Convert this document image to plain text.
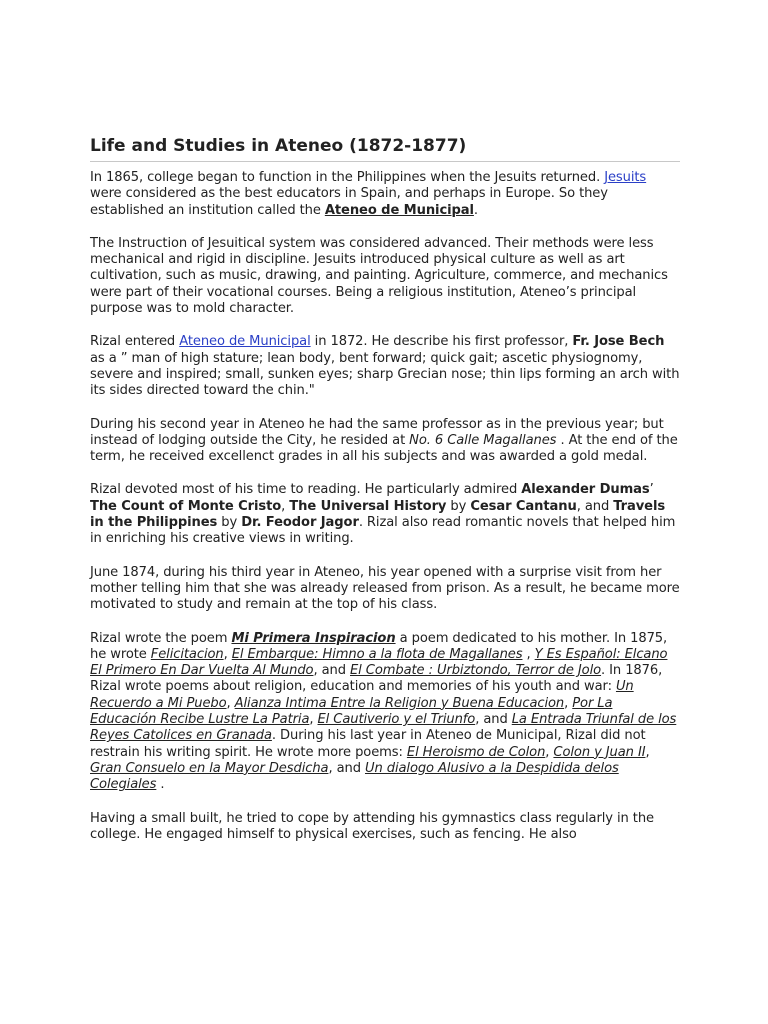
Life and Studies in Ateneo (1872-1877)

In 1865, college began to function in the Philippines when the Jesuits returned. Jesuits were considered as the best educators in Spain, and perhaps in Europe. So they established an institution called the Ateneo de Municipal.

The Instruction of Jesuitical system was considered advanced. Their methods were less mechanical and rigid in discipline. Jesuits introduced physical culture as well as art cultivation, such as music, drawing, and painting. Agriculture, commerce, and mechanics were part of their vocational courses. Being a religious institution, Ateneo’s principal purpose was to mold character.

Rizal entered Ateneo de Municipal in 1872. He describe his first professor, Fr. Jose Bech as a ” man of high stature; lean body, bent forward; quick gait; ascetic physiognomy, severe and inspired; small, sunken eyes; sharp Grecian nose; thin lips forming an arch with its sides directed toward the chin."

During his second year in Ateneo he had the same professor as in the previous year; but instead of lodging outside the City, he resided at No. 6 Calle Magallanes . At the end of the term, he received excellenct grades in all his subjects and was awarded a gold medal.

Rizal devoted most of his time to reading. He particularly admired Alexander Dumas’ The Count of Monte Cristo, The Universal History by Cesar Cantanu, and Travels in the Philippines by Dr. Feodor Jagor. Rizal also read romantic novels that helped him in enriching his creative views in writing.

June 1874, during his third year in Ateneo, his year opened with a surprise visit from her mother telling him that she was already released from prison. As a result, he became more motivated to study and remain at the top of his class.

Rizal wrote the poem Mi Primera Inspiracion a poem dedicated to his mother. In 1875, he wrote Felicitacion, El Embarque: Himno a la flota de Magallanes , Y Es Español: Elcano El Primero En Dar Vuelta Al Mundo, and El Combate : Urbiztondo, Terror de Jolo. In 1876, Rizal wrote poems about religion, education and memories of his youth and war: Un Recuerdo a Mi Puebo, Alianza Intima Entre la Religion y Buena Educacion, Por La Educación Recibe Lustre La Patria, El Cautiverio y el Triunfo, and La Entrada Triunfal de los Reyes Catolices en Granada. During his last year in Ateneo de Municipal, Rizal did not restrain his writing spirit. He wrote more poems: El Heroismo de Colon, Colon y Juan II, Gran Consuelo en la Mayor Desdicha, and Un dialogo Alusivo a la Despidida delos Colegiales .

Having a small built, he tried to cope by attending his gymnastics class regularly in the college. He engaged himself to physical exercises, such as fencing. He also
